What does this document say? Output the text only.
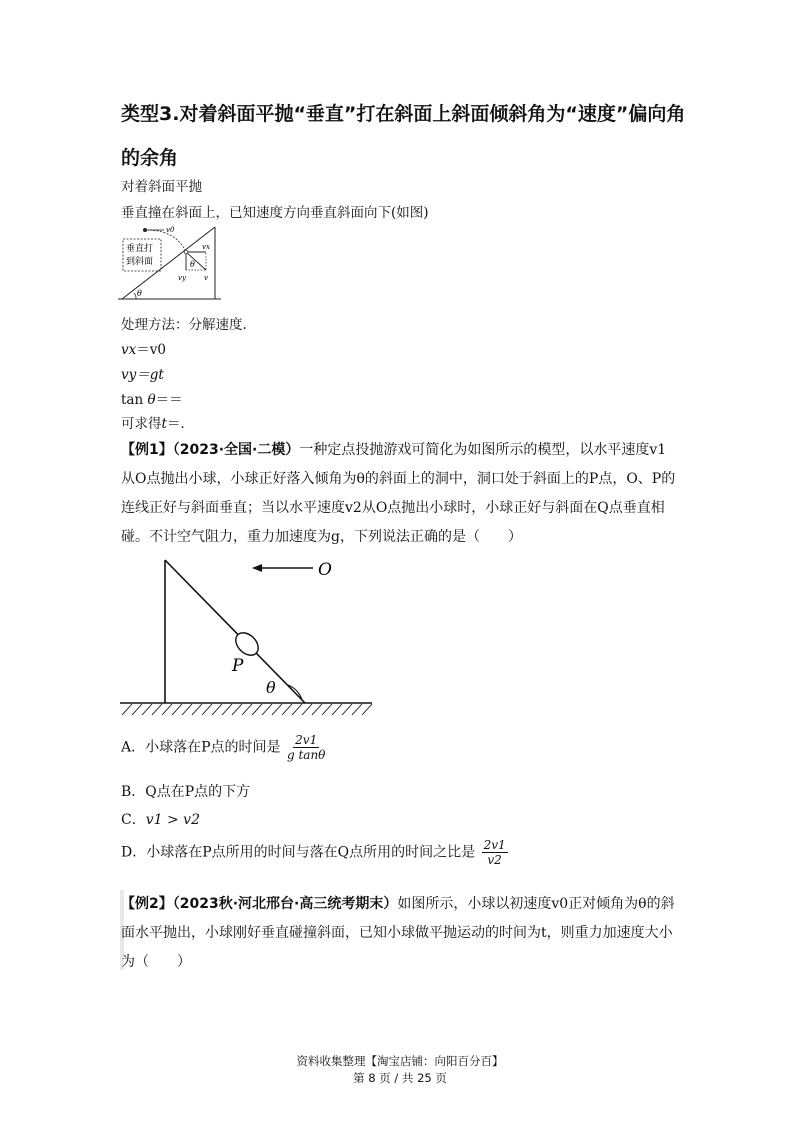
类型3.对着斜面平抛“垂直”打在斜面上斜面倾斜角为“速度”偏向角的余角
对着斜面平抛
垂直撞在斜面上，已知速度方向垂直斜面向下(如图)
垂直打
到斜面
v0
vx
vy	v
θ
θ
处理方法：分解速度.
vx＝v0
vy＝gt
tan θ＝＝
可求得t＝.
【例1】（2023·全国·二模）一种定点投抛游戏可简化为如图所示的模型，以水平速度v1从O点抛出小球，小球正好落入倾角为θ的斜面上的洞中，洞口处于斜面上的P点，O、P的连线正好与斜面垂直；当以水平速度v2从O点抛出小球时，小球正好与斜面在Q点垂直相碰。不计空气阻力，重力加速度为g，下列说法正确的是（　　）
O
P
θ
A．小球落在P点的时间是 $\frac{2v1}{\text{g tanθ}}$
B．Q点在P点的下方
C．v1 > v2
D．小球落在P点所用的时间与落在Q点所用的时间之比是 $\frac{2v1}{v2}$
【例2】（2023秋·河北邢台·高三统考期末）如图所示，小球以初速度v0正对倾角为θ的斜面水平抛出，小球刚好垂直碰撞斜面，已知小球做平抛运动的时间为t，则重力加速度大小为（　　）
资料收集整理【淘宝店铺：向阳百分百】
第 8 页 / 共 25 页
